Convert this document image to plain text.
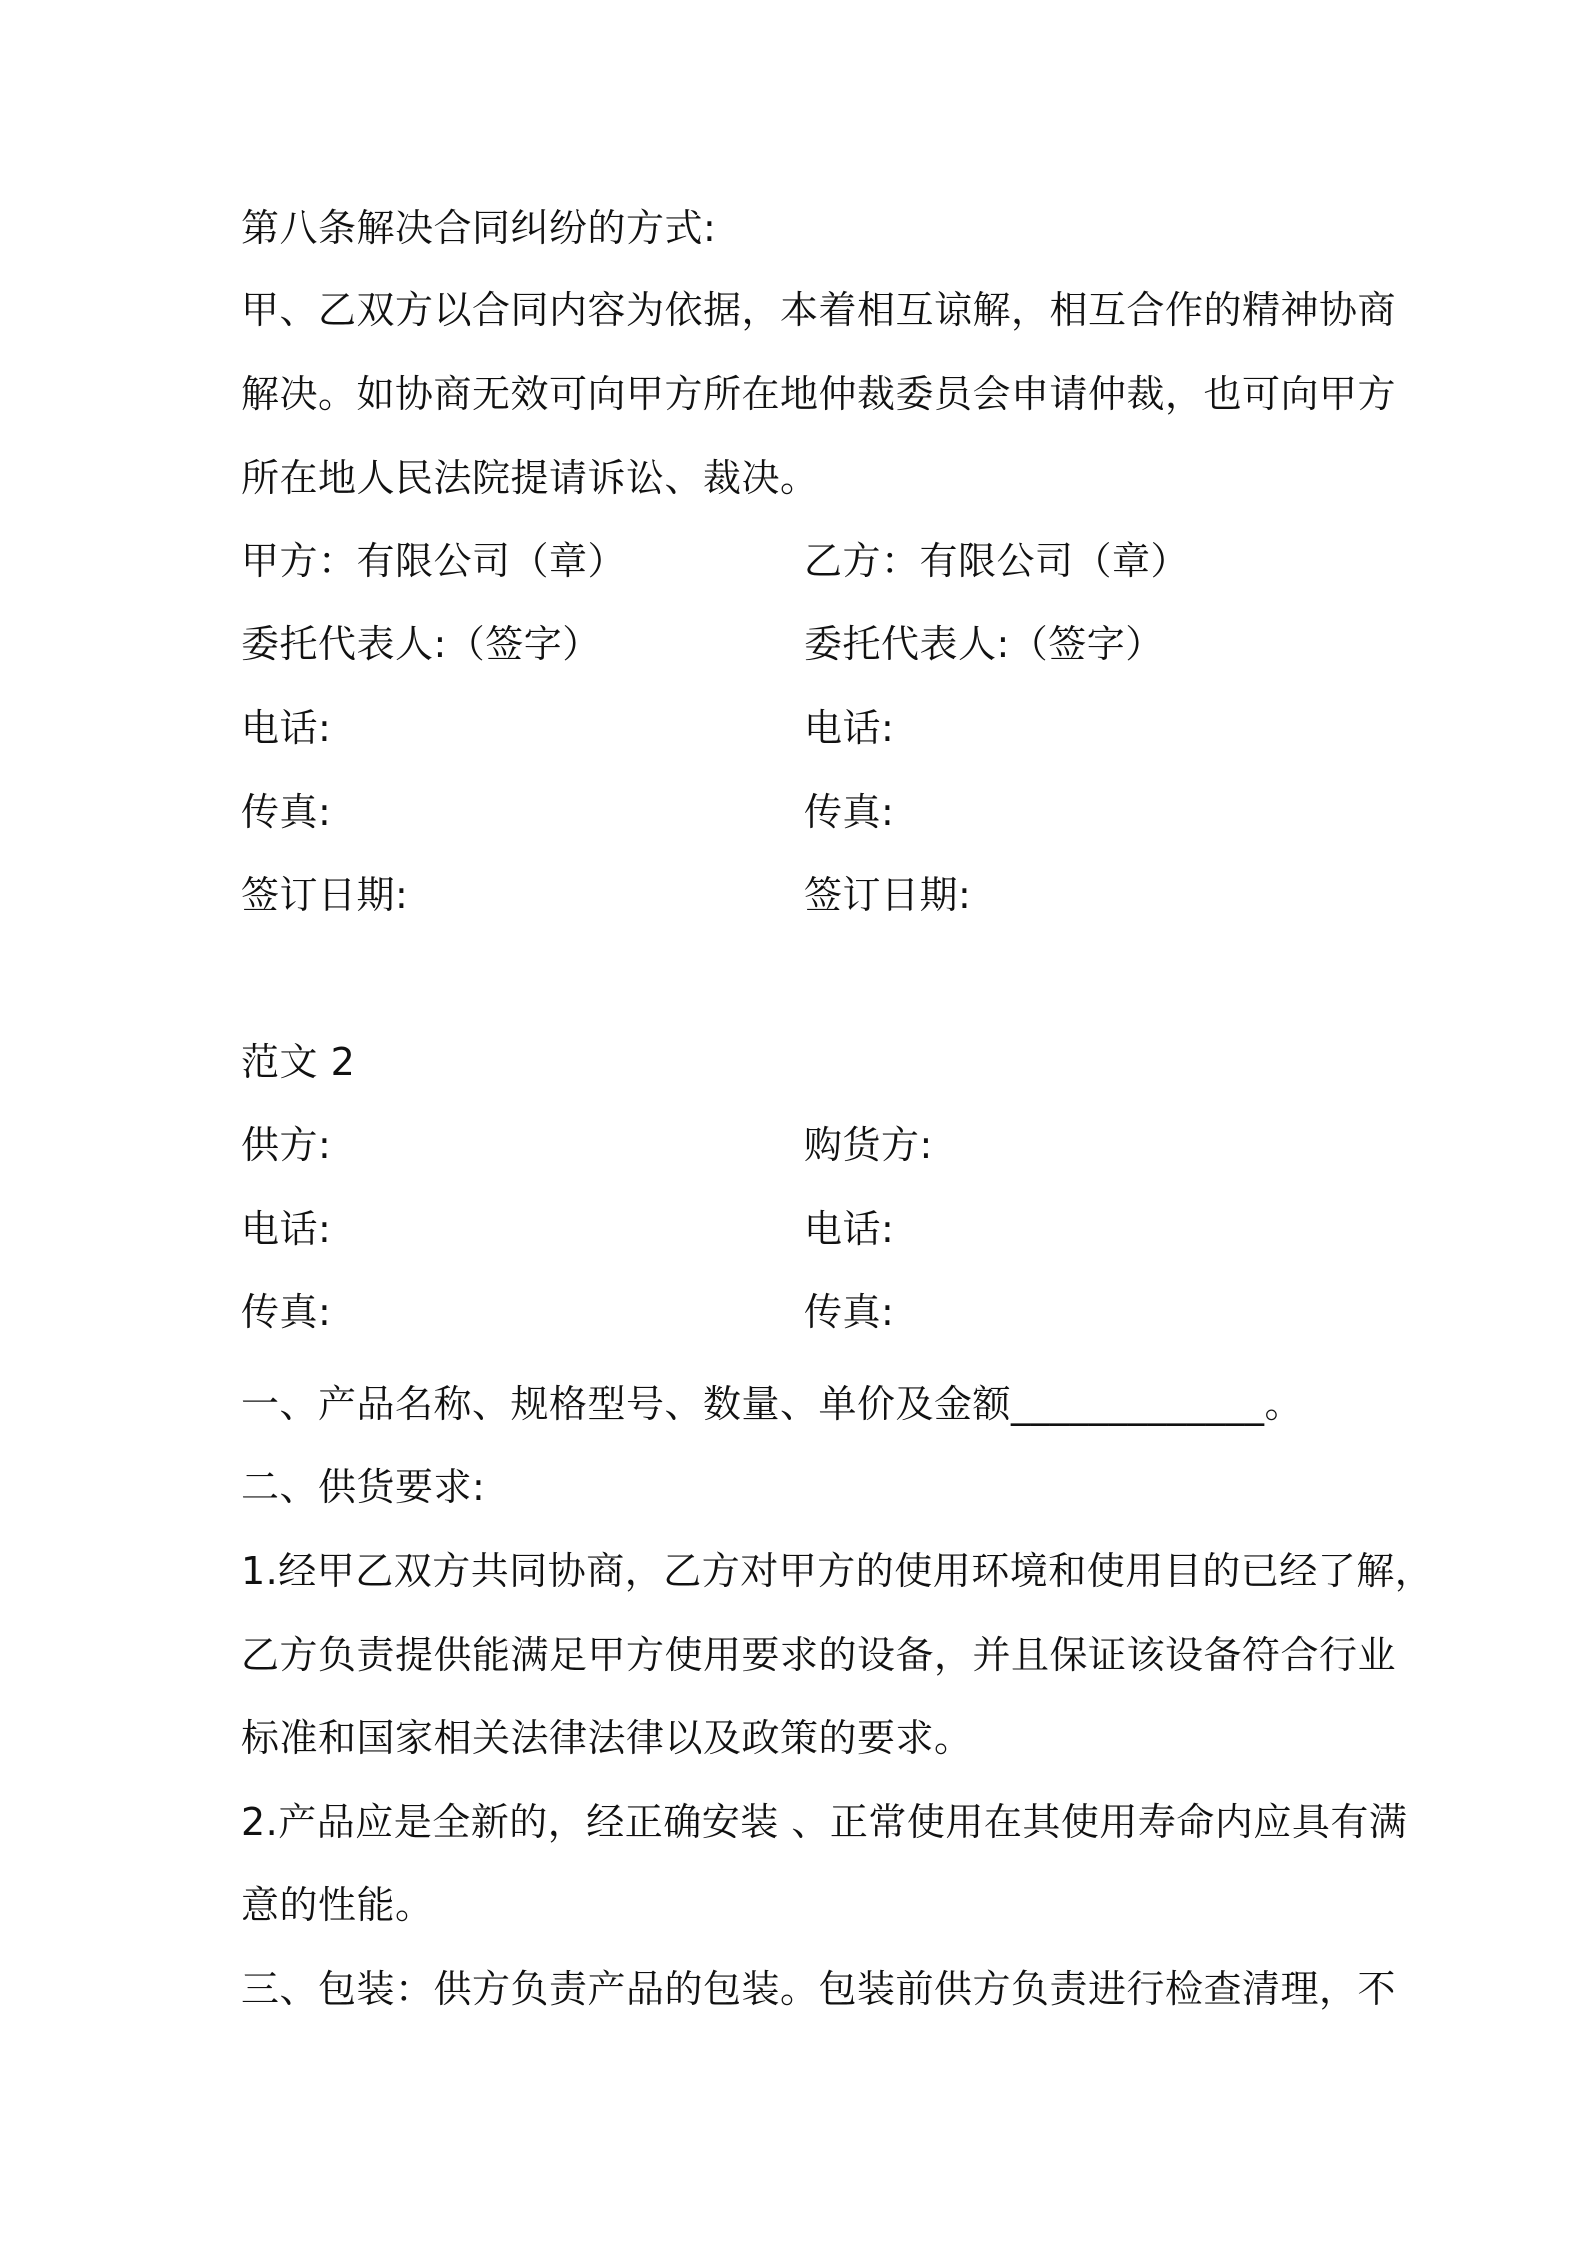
第八条解决合同纠纷的方式:
甲、乙双方以合同内容为依据，本着相互谅解，相互合作的精神协商
解决。如协商无效可向甲方所在地仲裁委员会申请仲裁，也可向甲方
所在地人民法院提请诉讼、裁决。
甲方：有限公司（章）	乙方：有限公司（章）
委托代表人:（签字）	委托代表人:（签字）
电话:	电话:
传真:	传真:
签订日期:	签订日期:
范文 2
供方:	购货方:
电话:	电话:
传真:	传真:
一、产品名称、规格型号、数量、单价及金额_____________。
二、供货要求:
1.经甲乙双方共同协商，乙方对甲方的使用环境和使用目的已经了解，
乙方负责提供能满足甲方使用要求的设备，并且保证该设备符合行业
标准和国家相关法律法律以及政策的要求。
2.产品应是全新的，经正确安装 、正常使用在其使用寿命内应具有满
意的性能。
三、包装：供方负责产品的包装。包装前供方负责进行检查清理，不
